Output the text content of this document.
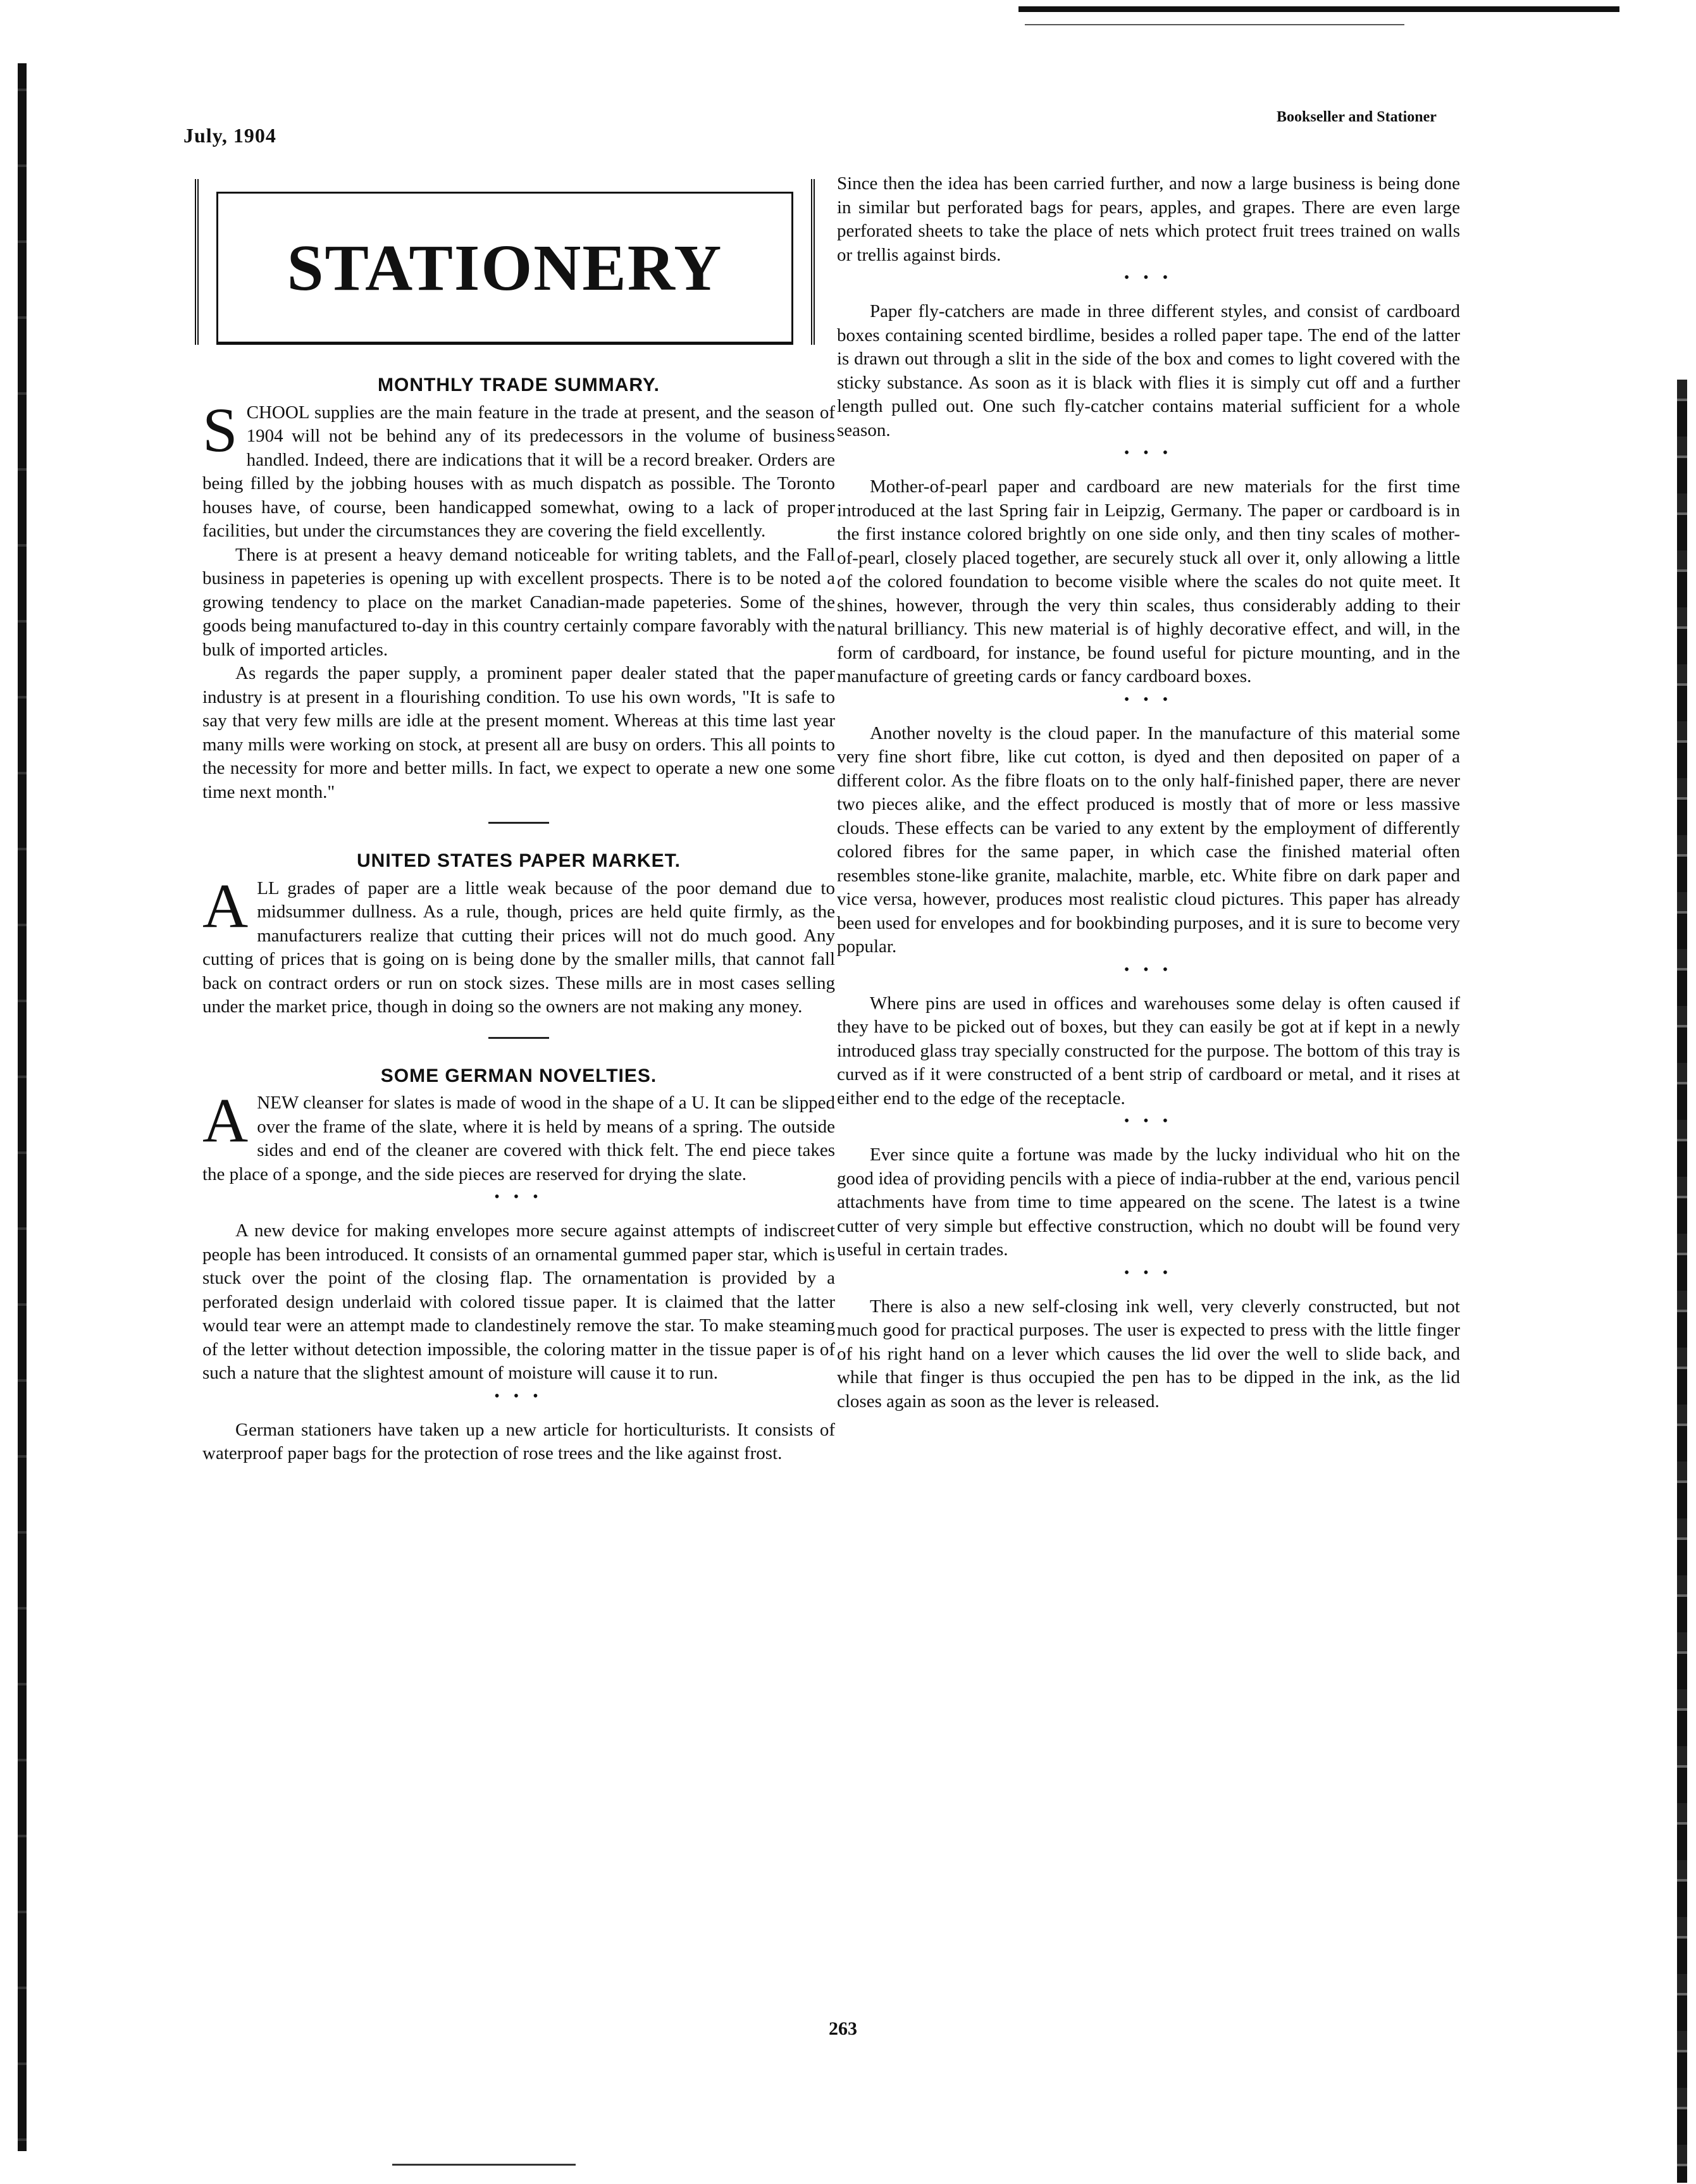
July, 1904
Bookseller and Stationer
STATIONERY
MONTHLY TRADE SUMMARY.

SCHOOL supplies are the main feature in the trade at present, and the season of 1904 will not be behind any of its predecessors in the volume of business handled. Indeed, there are indications that it will be a record breaker. Orders are being filled by the jobbing houses with as much dispatch as possible. The Toronto houses have, of course, been handicapped somewhat, owing to a lack of proper facilities, but under the circumstances they are covering the field excellently.

There is at present a heavy demand noticeable for writing tablets, and the Fall business in papeteries is opening up with excellent prospects. There is to be noted a growing tendency to place on the market Canadian-made papeteries. Some of the goods being manufactured to-day in this country certainly compare favorably with the bulk of imported articles.

As regards the paper supply, a prominent paper dealer stated that the paper industry is at present in a flourishing condition. To use his own words, "It is safe to say that very few mills are idle at the present moment. Whereas at this time last year many mills were working on stock, at present all are busy on orders. This all points to the necessity for more and better mills. In fact, we expect to operate a new one some time next month."

UNITED STATES PAPER MARKET.

ALL grades of paper are a little weak because of the poor demand due to midsummer dullness. As a rule, though, prices are held quite firmly, as the manufacturers realize that cutting their prices will not do much good. Any cutting of prices that is going on is being done by the smaller mills, that cannot fall back on contract orders or run on stock sizes. These mills are in most cases selling under the market price, though in doing so the owners are not making any money.

SOME GERMAN NOVELTIES.

ANEW cleanser for slates is made of wood in the shape of a U. It can be slipped over the frame of the slate, where it is held by means of a spring. The outside sides and end of the cleaner are covered with thick felt. The end piece takes the place of a sponge, and the side pieces are reserved for drying the slate.

• • •

A new device for making envelopes more secure against attempts of indiscreet people has been introduced. It consists of an ornamental gummed paper star, which is stuck over the point of the closing flap. The ornamentation is provided by a perforated design underlaid with colored tissue paper. It is claimed that the latter would tear were an attempt made to clandestinely remove the star. To make steaming of the letter without detection impossible, the coloring matter in the tissue paper is of such a nature that the slightest amount of moisture will cause it to run.

• • •

German stationers have taken up a new article for horticulturists. It consists of waterproof paper bags for the protection of rose trees and the like against frost.

Since then the idea has been carried further, and now a large business is being done in similar but perforated bags for pears, apples, and grapes. There are even large perforated sheets to take the place of nets which protect fruit trees trained on walls or trellis against birds.

• • •

Paper fly-catchers are made in three different styles, and consist of cardboard boxes containing scented birdlime, besides a rolled paper tape. The end of the latter is drawn out through a slit in the side of the box and comes to light covered with the sticky substance. As soon as it is black with flies it is simply cut off and a further length pulled out. One such fly-catcher contains material sufficient for a whole season.

• • •

Mother-of-pearl paper and cardboard are new materials for the first time introduced at the last Spring fair in Leipzig, Germany. The paper or cardboard is in the first instance colored brightly on one side only, and then tiny scales of mother-of-pearl, closely placed together, are securely stuck all over it, only allowing a little of the colored foundation to become visible where the scales do not quite meet. It shines, however, through the very thin scales, thus considerably adding to their natural brilliancy. This new material is of highly decorative effect, and will, in the form of cardboard, for instance, be found useful for picture mounting, and in the manufacture of greeting cards or fancy cardboard boxes.

• • •

Another novelty is the cloud paper. In the manufacture of this material some very fine short fibre, like cut cotton, is dyed and then deposited on paper of a different color. As the fibre floats on to the only half-finished paper, there are never two pieces alike, and the effect produced is mostly that of more or less massive clouds. These effects can be varied to any extent by the employment of differently colored fibres for the same paper, in which case the finished material often resembles stone-like granite, malachite, marble, etc. White fibre on dark paper and vice versa, however, produces most realistic cloud pictures. This paper has already been used for envelopes and for bookbinding purposes, and it is sure to become very popular.

• • •

Where pins are used in offices and warehouses some delay is often caused if they have to be picked out of boxes, but they can easily be got at if kept in a newly introduced glass tray specially constructed for the purpose. The bottom of this tray is curved as if it were constructed of a bent strip of cardboard or metal, and it rises at either end to the edge of the receptacle.

• • •

Ever since quite a fortune was made by the lucky individual who hit on the good idea of providing pencils with a piece of india-rubber at the end, various pencil attachments have from time to time appeared on the scene. The latest is a twine cutter of very simple but effective construction, which no doubt will be found very useful in certain trades.

• • •

There is also a new self-closing ink well, very cleverly constructed, but not much good for practical purposes. The user is expected to press with the little finger of his right hand on a lever which causes the lid over the well to slide back, and while that finger is thus occupied the pen has to be dipped in the ink, as the lid closes again as soon as the lever is released.

263
